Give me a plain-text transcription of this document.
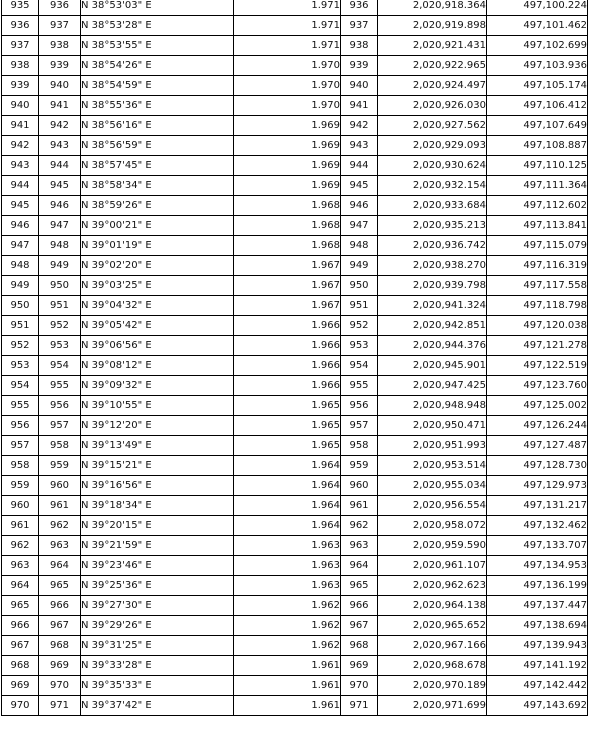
935	936	N 38°53'03" E	1.971	936	2,020,918.364	497,100.224
936	937	N 38°53'28" E	1.971	937	2,020,919.898	497,101.462
937	938	N 38°53'55" E	1.971	938	2,020,921.431	497,102.699
938	939	N 38°54'26" E	1.970	939	2,020,922.965	497,103.936
939	940	N 38°54'59" E	1.970	940	2,020,924.497	497,105.174
940	941	N 38°55'36" E	1.970	941	2,020,926.030	497,106.412
941	942	N 38°56'16" E	1.969	942	2,020,927.562	497,107.649
942	943	N 38°56'59" E	1.969	943	2,020,929.093	497,108.887
943	944	N 38°57'45" E	1.969	944	2,020,930.624	497,110.125
944	945	N 38°58'34" E	1.969	945	2,020,932.154	497,111.364
945	946	N 38°59'26" E	1.968	946	2,020,933.684	497,112.602
946	947	N 39°00'21" E	1.968	947	2,020,935.213	497,113.841
947	948	N 39°01'19" E	1.968	948	2,020,936.742	497,115.079
948	949	N 39°02'20" E	1.967	949	2,020,938.270	497,116.319
949	950	N 39°03'25" E	1.967	950	2,020,939.798	497,117.558
950	951	N 39°04'32" E	1.967	951	2,020,941.324	497,118.798
951	952	N 39°05'42" E	1.966	952	2,020,942.851	497,120.038
952	953	N 39°06'56" E	1.966	953	2,020,944.376	497,121.278
953	954	N 39°08'12" E	1.966	954	2,020,945.901	497,122.519
954	955	N 39°09'32" E	1.966	955	2,020,947.425	497,123.760
955	956	N 39°10'55" E	1.965	956	2,020,948.948	497,125.002
956	957	N 39°12'20" E	1.965	957	2,020,950.471	497,126.244
957	958	N 39°13'49" E	1.965	958	2,020,951.993	497,127.487
958	959	N 39°15'21" E	1.964	959	2,020,953.514	497,128.730
959	960	N 39°16'56" E	1.964	960	2,020,955.034	497,129.973
960	961	N 39°18'34" E	1.964	961	2,020,956.554	497,131.217
961	962	N 39°20'15" E	1.964	962	2,020,958.072	497,132.462
962	963	N 39°21'59" E	1.963	963	2,020,959.590	497,133.707
963	964	N 39°23'46" E	1.963	964	2,020,961.107	497,134.953
964	965	N 39°25'36" E	1.963	965	2,020,962.623	497,136.199
965	966	N 39°27'30" E	1.962	966	2,020,964.138	497,137.447
966	967	N 39°29'26" E	1.962	967	2,020,965.652	497,138.694
967	968	N 39°31'25" E	1.962	968	2,020,967.166	497,139.943
968	969	N 39°33'28" E	1.961	969	2,020,968.678	497,141.192
969	970	N 39°35'33" E	1.961	970	2,020,970.189	497,142.442
970	971	N 39°37'42" E	1.961	971	2,020,971.699	497,143.692
